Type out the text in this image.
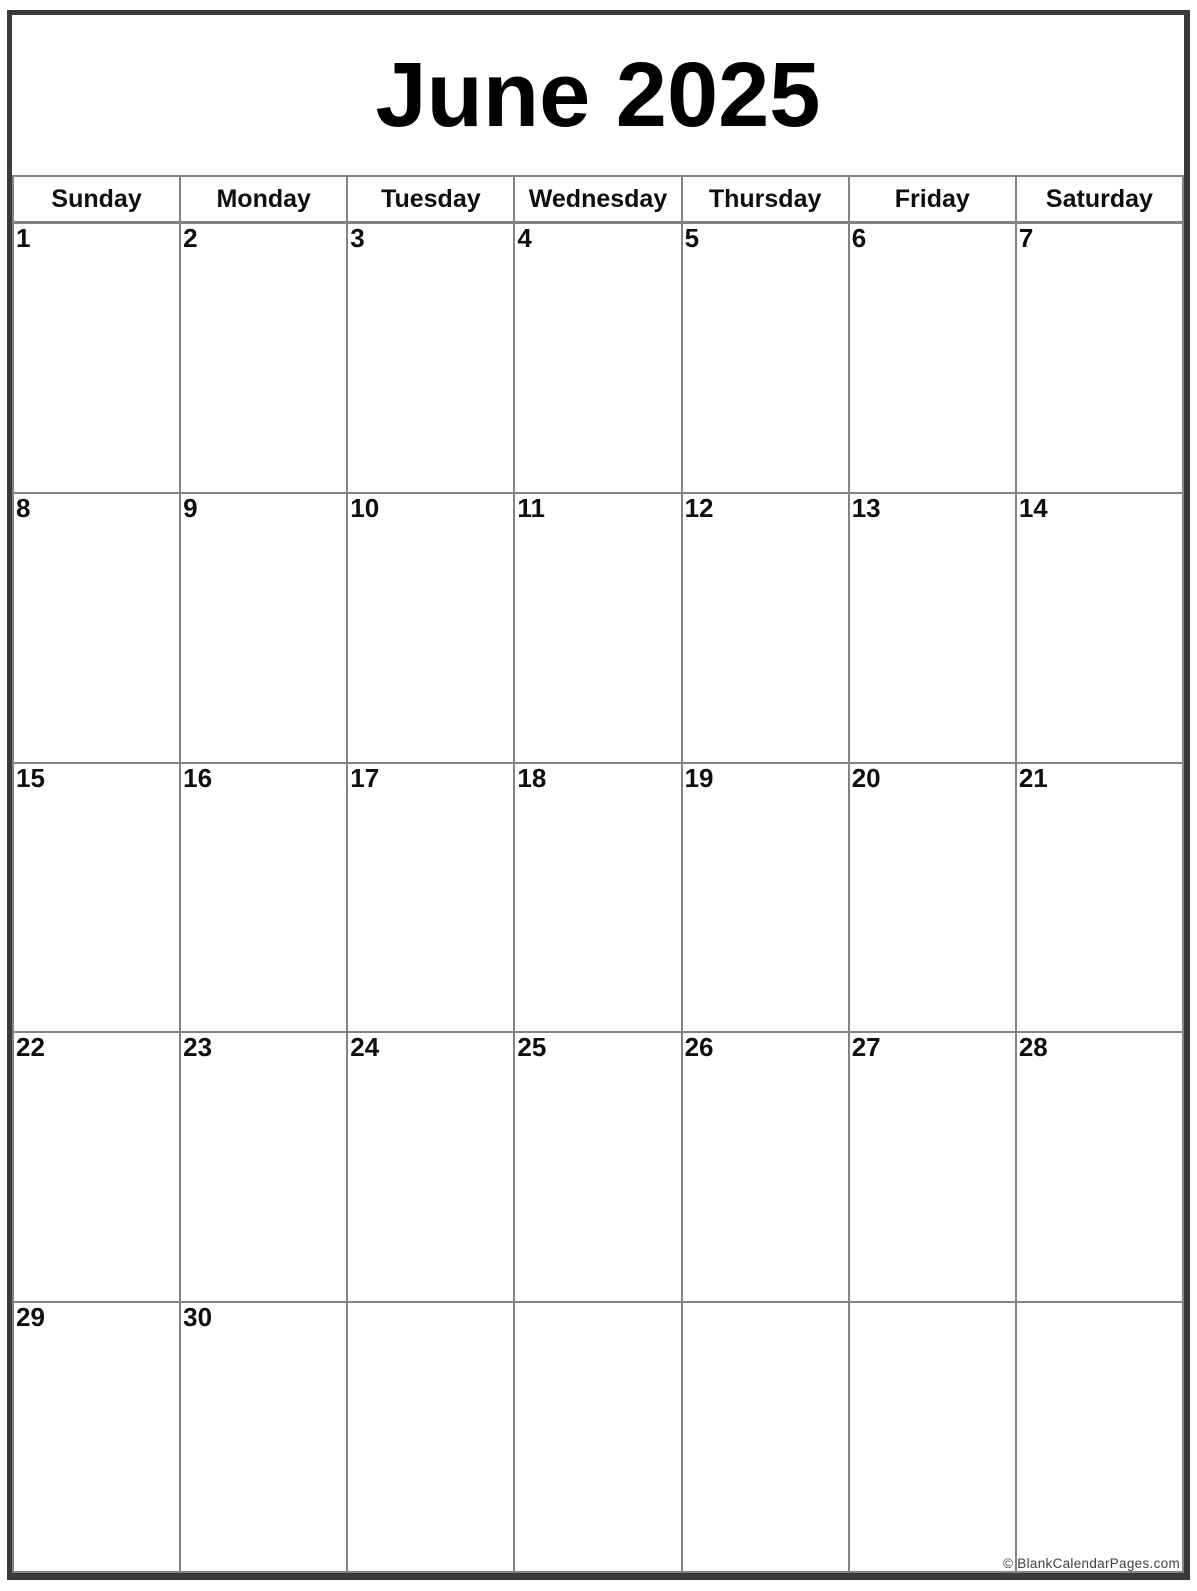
June 2025
Sunday	Monday	Tuesday	Wednesday	Thursday	Friday	Saturday

1	2	3	4	5	6	7

8	9	10	11	12	13	14

15	16	17	18	19	20	21

22	23	24	25	26	27	28

29	30					

© BlankCalendarPages.com
